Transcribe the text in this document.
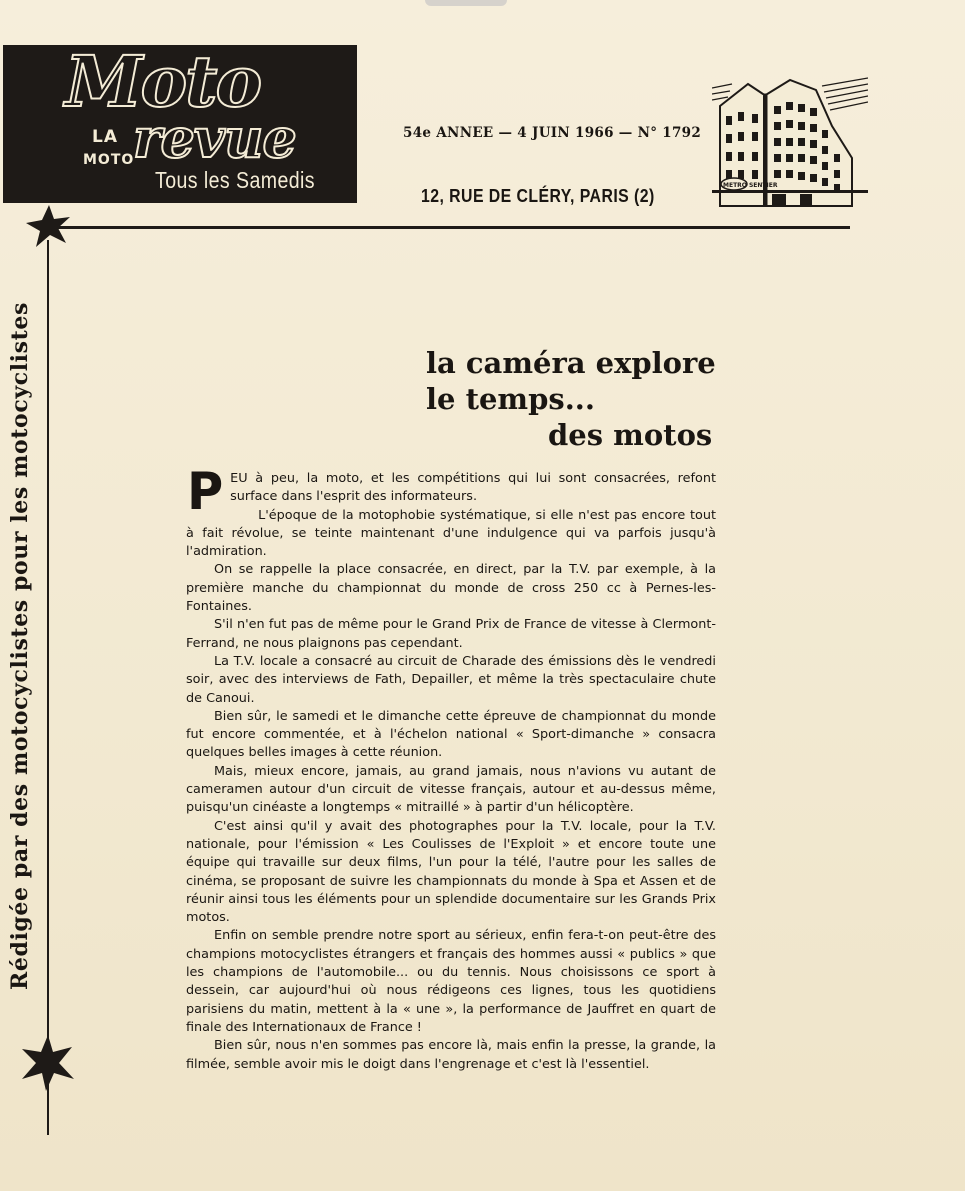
Moto
LA
MOTO
revue
Tous les Samedis
54e ANNEE — 4 JUIN 1966 — N° 1792
12, RUE DE CLÉRY, PARIS (2)
METRO SENTIER
Rédigée par des motocyclistes pour les motocyclistes	la caméra explore
le temps...
des motos

PEU à peu, la moto, et les compétitions qui lui sont consacrées, refont surface dans l'esprit des informateurs.

L'époque de la motophobie systématique, si elle n'est pas encore tout à fait révolue, se teinte maintenant d'une indulgence qui va parfois jusqu'à l'admiration.

On se rappelle la place consacrée, en direct, par la T.V. par exemple, à la première manche du championnat du monde de cross 250 cc à Pernes-les-Fontaines.

S'il n'en fut pas de même pour le Grand Prix de France de vitesse à Clermont-Ferrand, ne nous plaignons pas cependant.

La T.V. locale a consacré au circuit de Charade des émissions dès le vendredi soir, avec des interviews de Fath, Depailler, et même la très spectaculaire chute de Canoui.

Bien sûr, le samedi et le dimanche cette épreuve de championnat du monde fut encore commentée, et à l'échelon national « Sport-dimanche » consacra quelques belles images à cette réunion.

Mais, mieux encore, jamais, au grand jamais, nous n'avions vu autant de cameramen autour d'un circuit de vitesse français, autour et au-dessus même, puisqu'un cinéaste a longtemps « mitraillé » à partir d'un hélicoptère.

C'est ainsi qu'il y avait des photographes pour la T.V. locale, pour la T.V. nationale, pour l'émission « Les Coulisses de l'Exploit » et encore toute une équipe qui travaille sur deux films, l'un pour la télé, l'autre pour les salles de cinéma, se proposant de suivre les championnats du monde à Spa et Assen et de réunir ainsi tous les éléments pour un splendide documentaire sur les Grands Prix motos.

Enfin on semble prendre notre sport au sérieux, enfin fera-t-on peut-être des champions motocyclistes étrangers et français des hommes aussi « publics » que les champions de l'automobile... ou du tennis. Nous choisissons ce sport à dessein, car aujourd'hui où nous rédigeons ces lignes, tous les quotidiens parisiens du matin, mettent à la « une », la performance de Jauffret en quart de finale des Internationaux de France !

Bien sûr, nous n'en sommes pas encore là, mais enfin la presse, la grande, la filmée, semble avoir mis le doigt dans l'engrenage et c'est là l'essentiel.
